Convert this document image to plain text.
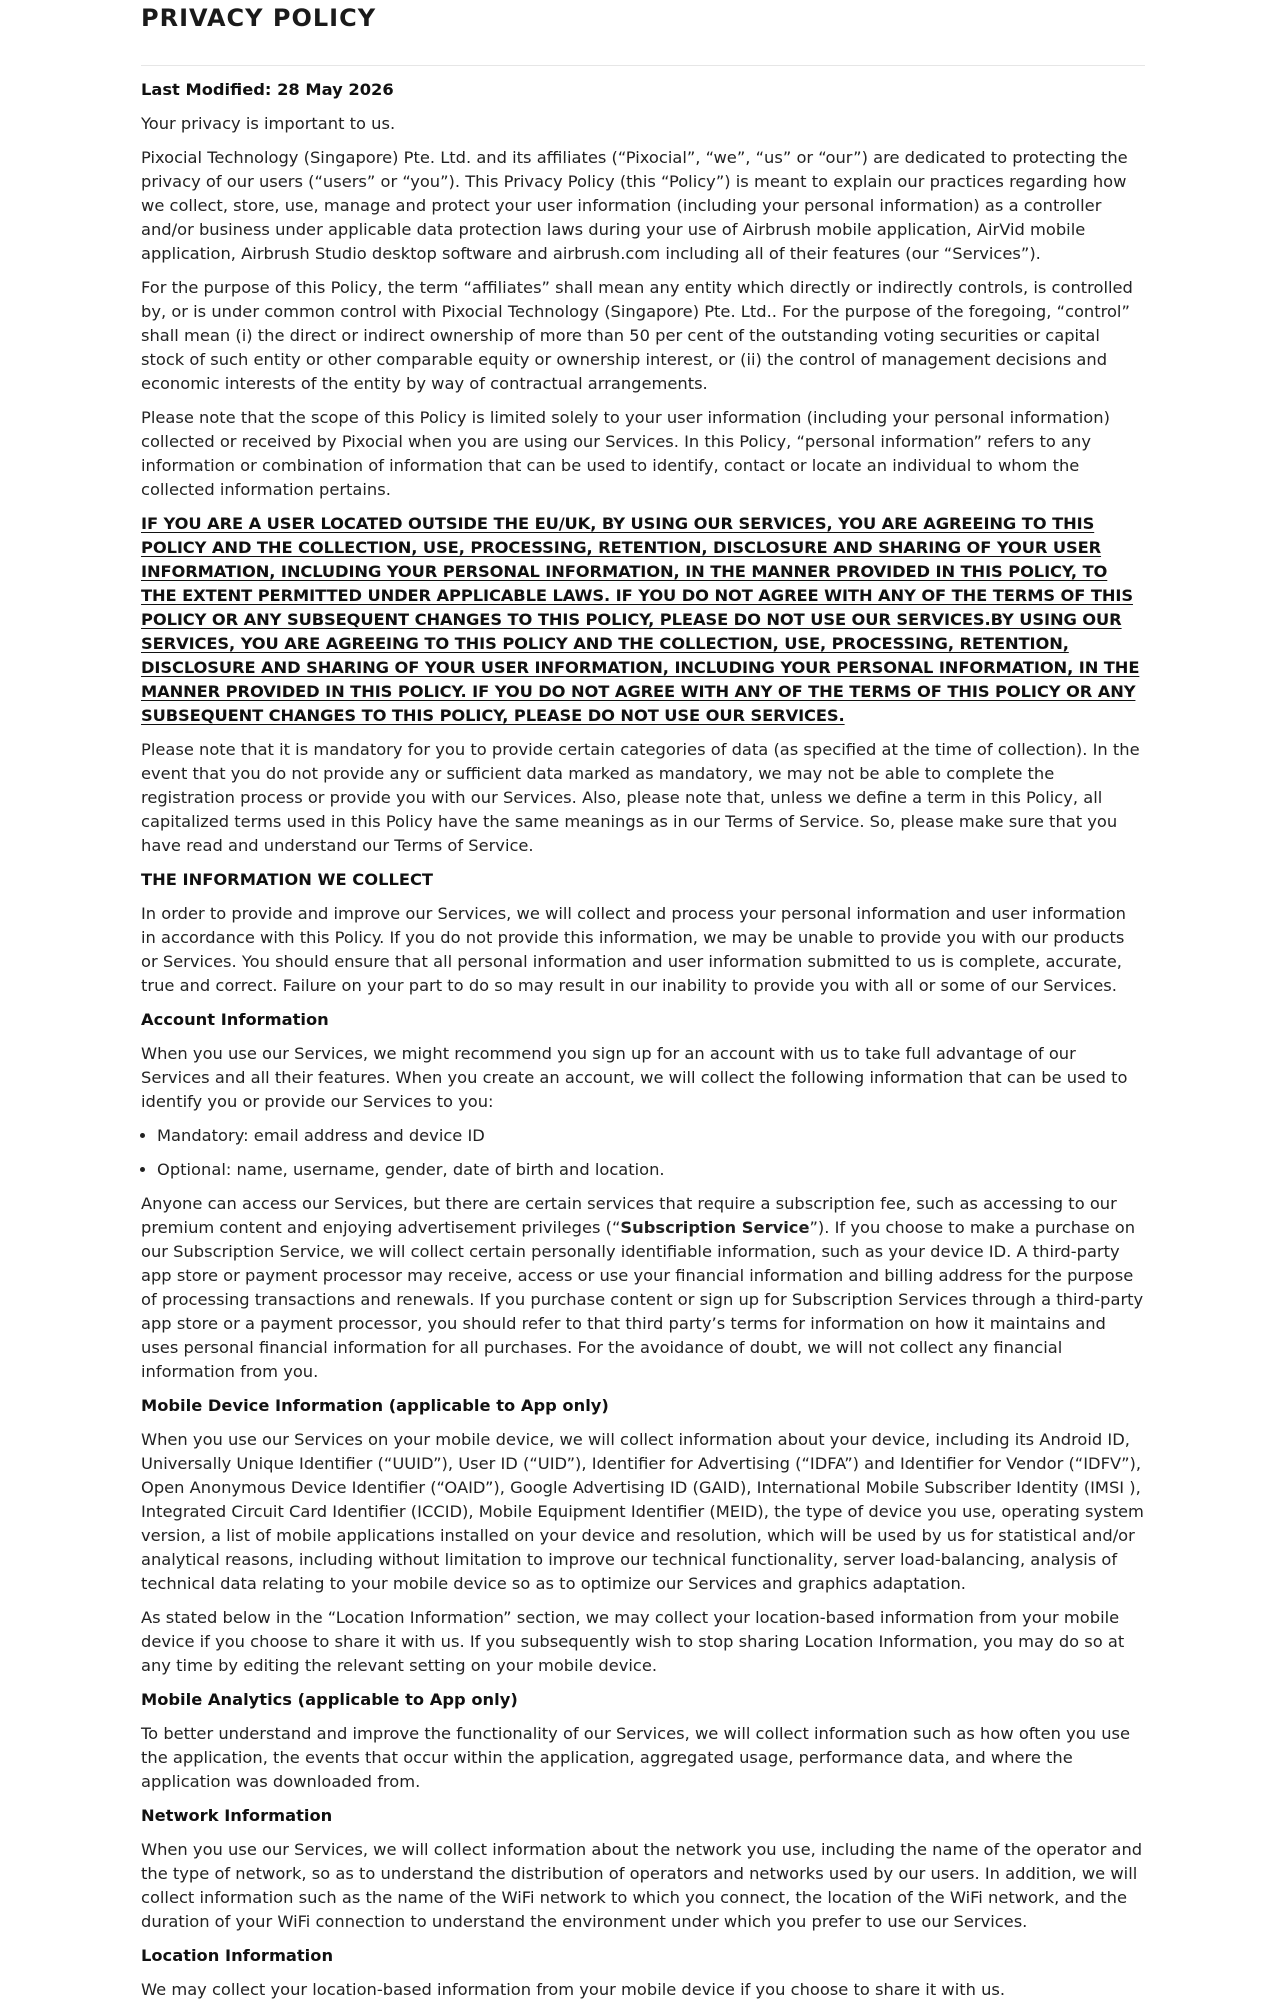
PRIVACY POLICY

Last Modified: 28 May 2026

Your privacy is important to us.

Pixocial Technology (Singapore) Pte. Ltd. and its affiliates (“Pixocial”, “we”, “us” or “our”) are dedicated to protecting the privacy of our users (“users” or “you”). This Privacy Policy (this “Policy”) is meant to explain our practices regarding how we collect, store, use, manage and protect your user information (including your personal information) as a controller and/or business under applicable data protection laws during your use of Airbrush mobile application, AirVid mobile application, Airbrush Studio desktop software and airbrush.com including all of their features (our “Services”).

For the purpose of this Policy, the term “affiliates” shall mean any entity which directly or indirectly controls, is controlled by, or is under common control with Pixocial Technology (Singapore) Pte. Ltd.. For the purpose of the foregoing, “control” shall mean (i) the direct or indirect ownership of more than 50 per cent of the outstanding voting securities or capital stock of such entity or other comparable equity or ownership interest, or (ii) the control of management decisions and economic interests of the entity by way of contractual arrangements.

Please note that the scope of this Policy is limited solely to your user information (including your personal information) collected or received by Pixocial when you are using our Services. In this Policy, “personal information” refers to any information or combination of information that can be used to identify, contact or locate an individual to whom the collected information pertains.

IF YOU ARE A USER LOCATED OUTSIDE THE EU/UK, BY USING OUR SERVICES, YOU ARE AGREEING TO THIS POLICY AND THE COLLECTION, USE, PROCESSING, RETENTION, DISCLOSURE AND SHARING OF YOUR USER INFORMATION, INCLUDING YOUR PERSONAL INFORMATION, IN THE MANNER PROVIDED IN THIS POLICY, TO THE EXTENT PERMITTED UNDER APPLICABLE LAWS. IF YOU DO NOT AGREE WITH ANY OF THE TERMS OF THIS POLICY OR ANY SUBSEQUENT CHANGES TO THIS POLICY, PLEASE DO NOT USE OUR SERVICES.BY USING OUR SERVICES, YOU ARE AGREEING TO THIS POLICY AND THE COLLECTION, USE, PROCESSING, RETENTION, DISCLOSURE AND SHARING OF YOUR USER INFORMATION, INCLUDING YOUR PERSONAL INFORMATION, IN THE MANNER PROVIDED IN THIS POLICY. IF YOU DO NOT AGREE WITH ANY OF THE TERMS OF THIS POLICY OR ANY SUBSEQUENT CHANGES TO THIS POLICY, PLEASE DO NOT USE OUR SERVICES.

Please note that it is mandatory for you to provide certain categories of data (as specified at the time of collection). In the event that you do not provide any or sufficient data marked as mandatory, we may not be able to complete the registration process or provide you with our Services. Also, please note that, unless we define a term in this Policy, all capitalized terms used in this Policy have the same meanings as in our Terms of Service. So, please make sure that you have read and understand our Terms of Service.

THE INFORMATION WE COLLECT

In order to provide and improve our Services, we will collect and process your personal information and user information in accordance with this Policy. If you do not provide this information, we may be unable to provide you with our products or Services. You should ensure that all personal information and user information submitted to us is complete, accurate, true and correct. Failure on your part to do so may result in our inability to provide you with all or some of our Services.

Account Information

When you use our Services, we might recommend you sign up for an account with us to take full advantage of our Services and all their features. When you create an account, we will collect the following information that can be used to identify you or provide our Services to you:

• Mandatory: email address and device ID
• Optional: name, username, gender, date of birth and location.

Anyone can access our Services, but there are certain services that require a subscription fee, such as accessing to our premium content and enjoying advertisement privileges (“Subscription Service”). If you choose to make a purchase on our Subscription Service, we will collect certain personally identifiable information, such as your device ID. A third-party app store or payment processor may receive, access or use your financial information and billing address for the purpose of processing transactions and renewals. If you purchase content or sign up for Subscription Services through a third-party app store or a payment processor, you should refer to that third party’s terms for information on how it maintains and uses personal financial information for all purchases. For the avoidance of doubt, we will not collect any financial information from you.

Mobile Device Information (applicable to App only)

When you use our Services on your mobile device, we will collect information about your device, including its Android ID, Universally Unique Identifier (“UUID”), User ID (“UID”), Identifier for Advertising (“IDFA”) and Identifier for Vendor (“IDFV”), Open Anonymous Device Identifier (“OAID”), Google Advertising ID (GAID), International Mobile Subscriber Identity (IMSI ), Integrated Circuit Card Identifier (ICCID), Mobile Equipment Identifier (MEID), the type of device you use, operating system version, a list of mobile applications installed on your device and resolution, which will be used by us for statistical and/or analytical reasons, including without limitation to improve our technical functionality, server load-balancing, analysis of technical data relating to your mobile device so as to optimize our Services and graphics adaptation.

As stated below in the “Location Information” section, we may collect your location-based information from your mobile device if you choose to share it with us. If you subsequently wish to stop sharing Location Information, you may do so at any time by editing the relevant setting on your mobile device.

Mobile Analytics (applicable to App only)

To better understand and improve the functionality of our Services, we will collect information such as how often you use the application, the events that occur within the application, aggregated usage, performance data, and where the application was downloaded from.

Network Information

When you use our Services, we will collect information about the network you use, including the name of the operator and the type of network, so as to understand the distribution of operators and networks used by our users. In addition, we will collect information such as the name of the WiFi network to which you connect, the location of the WiFi network, and the duration of your WiFi connection to understand the environment under which you prefer to use our Services.

Location Information

We may collect your location-based information from your mobile device if you choose to share it with us.
